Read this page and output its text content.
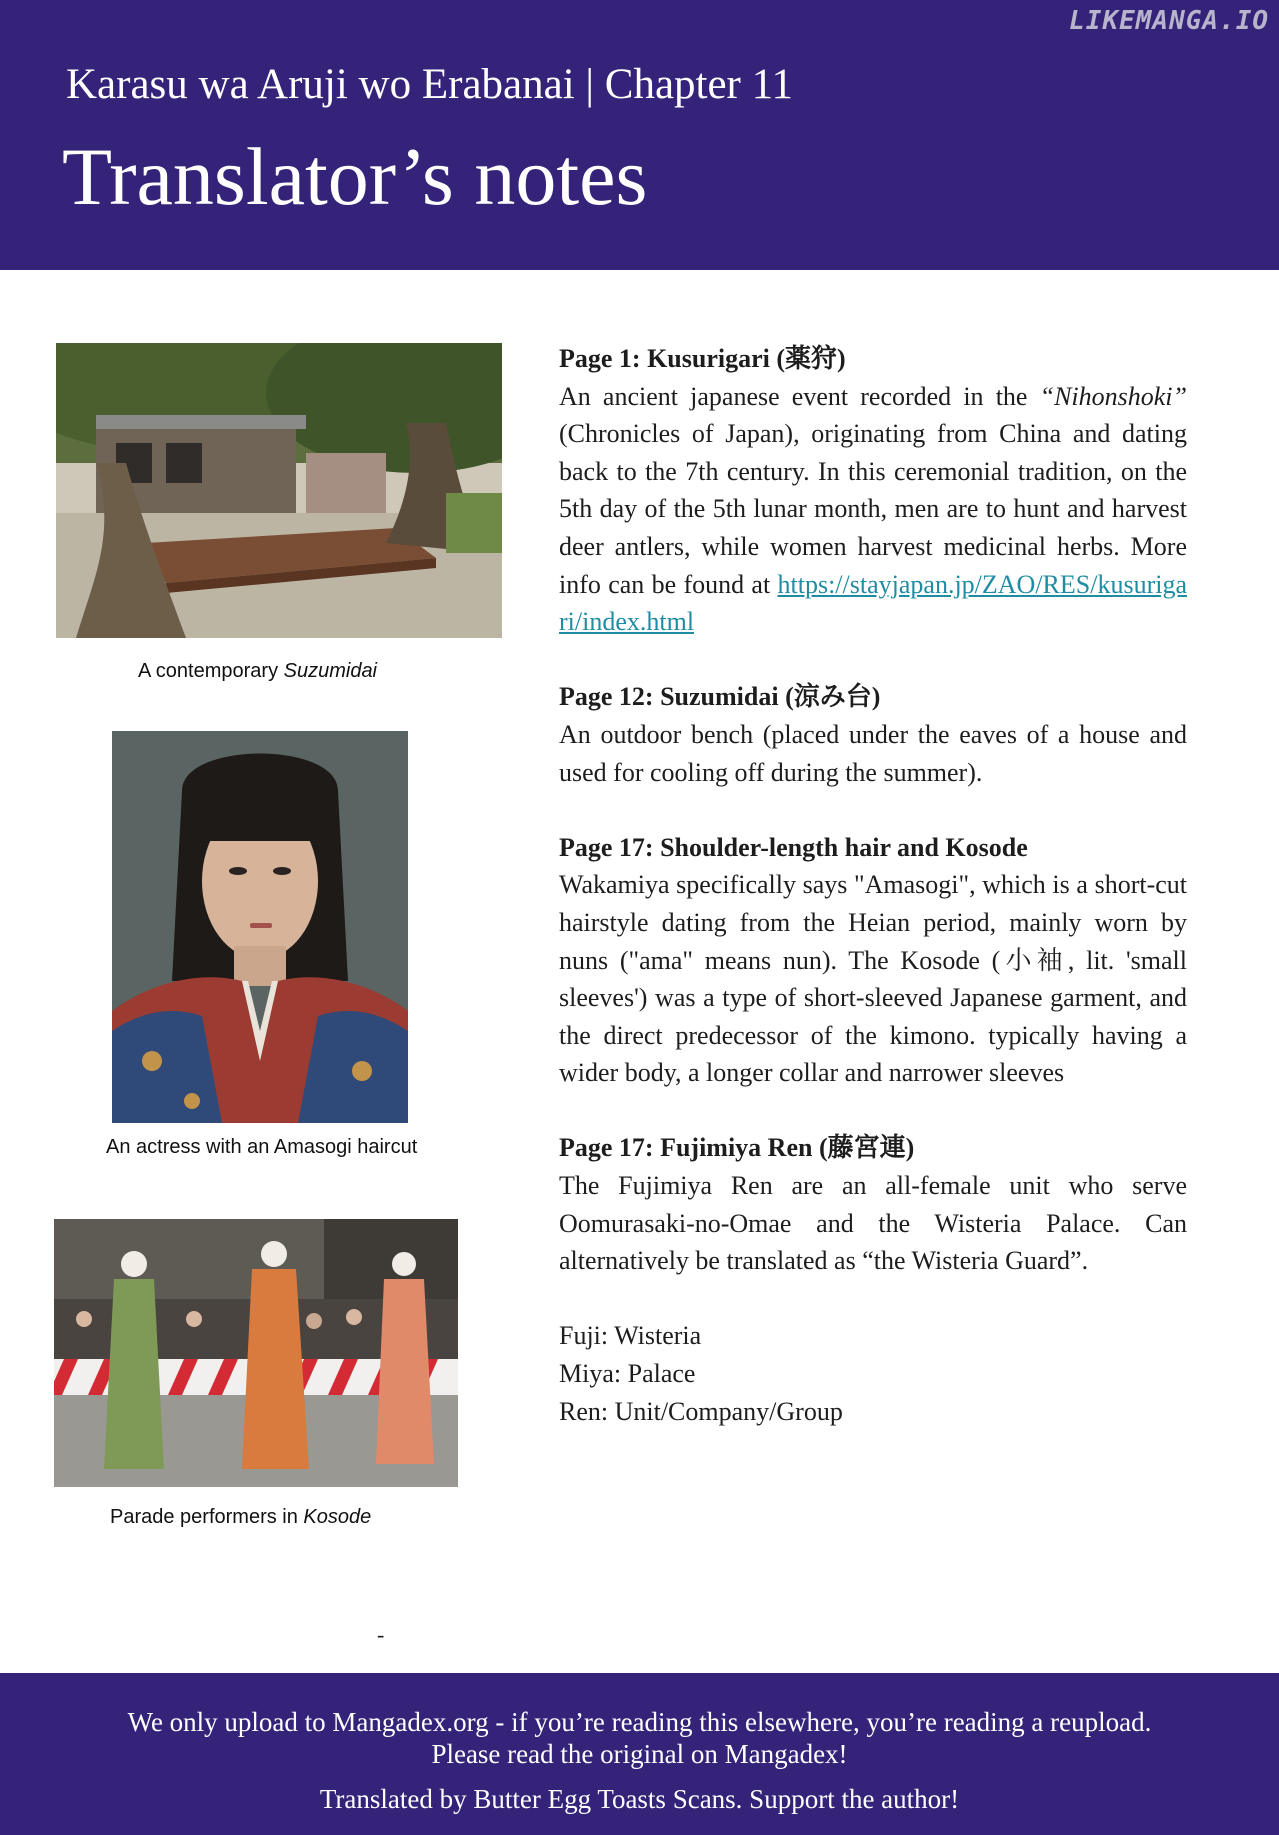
LIKEMANGA.IO
Karasu wa Aruji wo Erabanai | Chapter 11
Translator’s notes
A contemporary Suzumidai
An actress with an Amasogi haircut
Parade performers in Kosode
Page 1: Kusurigari (薬狩)
An ancient japanese event recorded in the “Nihonshoki” (Chronicles of Japan), originating from China and dating back to the 7th century. In this ceremonial tradition, on the 5th day of the 5th lunar month, men are to hunt and harvest deer antlers, while women harvest medicinal herbs. More info can be found at https://stayjapan.jp/ZAO/RES/kusurigari/index.html
Page 12: Suzumidai (涼み台)
An outdoor bench (placed under the eaves of a house and used for cooling off during the summer).
Page 17: Shoulder-length hair and Kosode
Wakamiya specifically says "Amasogi", which is a short-cut hairstyle dating from the Heian period, mainly worn by nuns ("ama" means nun). The Kosode (小袖, lit. 'small sleeves') was a type of short-sleeved Japanese garment, and the direct predecessor of the kimono. typically having a wider body, a longer collar and narrower sleeves
Page 17: Fujimiya Ren (藤宮連)
The Fujimiya Ren are an all-female unit who serve Oomurasaki-no-Omae and the Wisteria Palace. Can alternatively be translated as “the Wisteria Guard”.
Fuji: Wisteria
Miya: Palace
Ren: Unit/Company/Group
-
We only upload to Mangadex.org - if you’re reading this elsewhere, you’re reading a reupload.
Please read the original on Mangadex!
Translated by Butter Egg Toasts Scans. Support the author!
